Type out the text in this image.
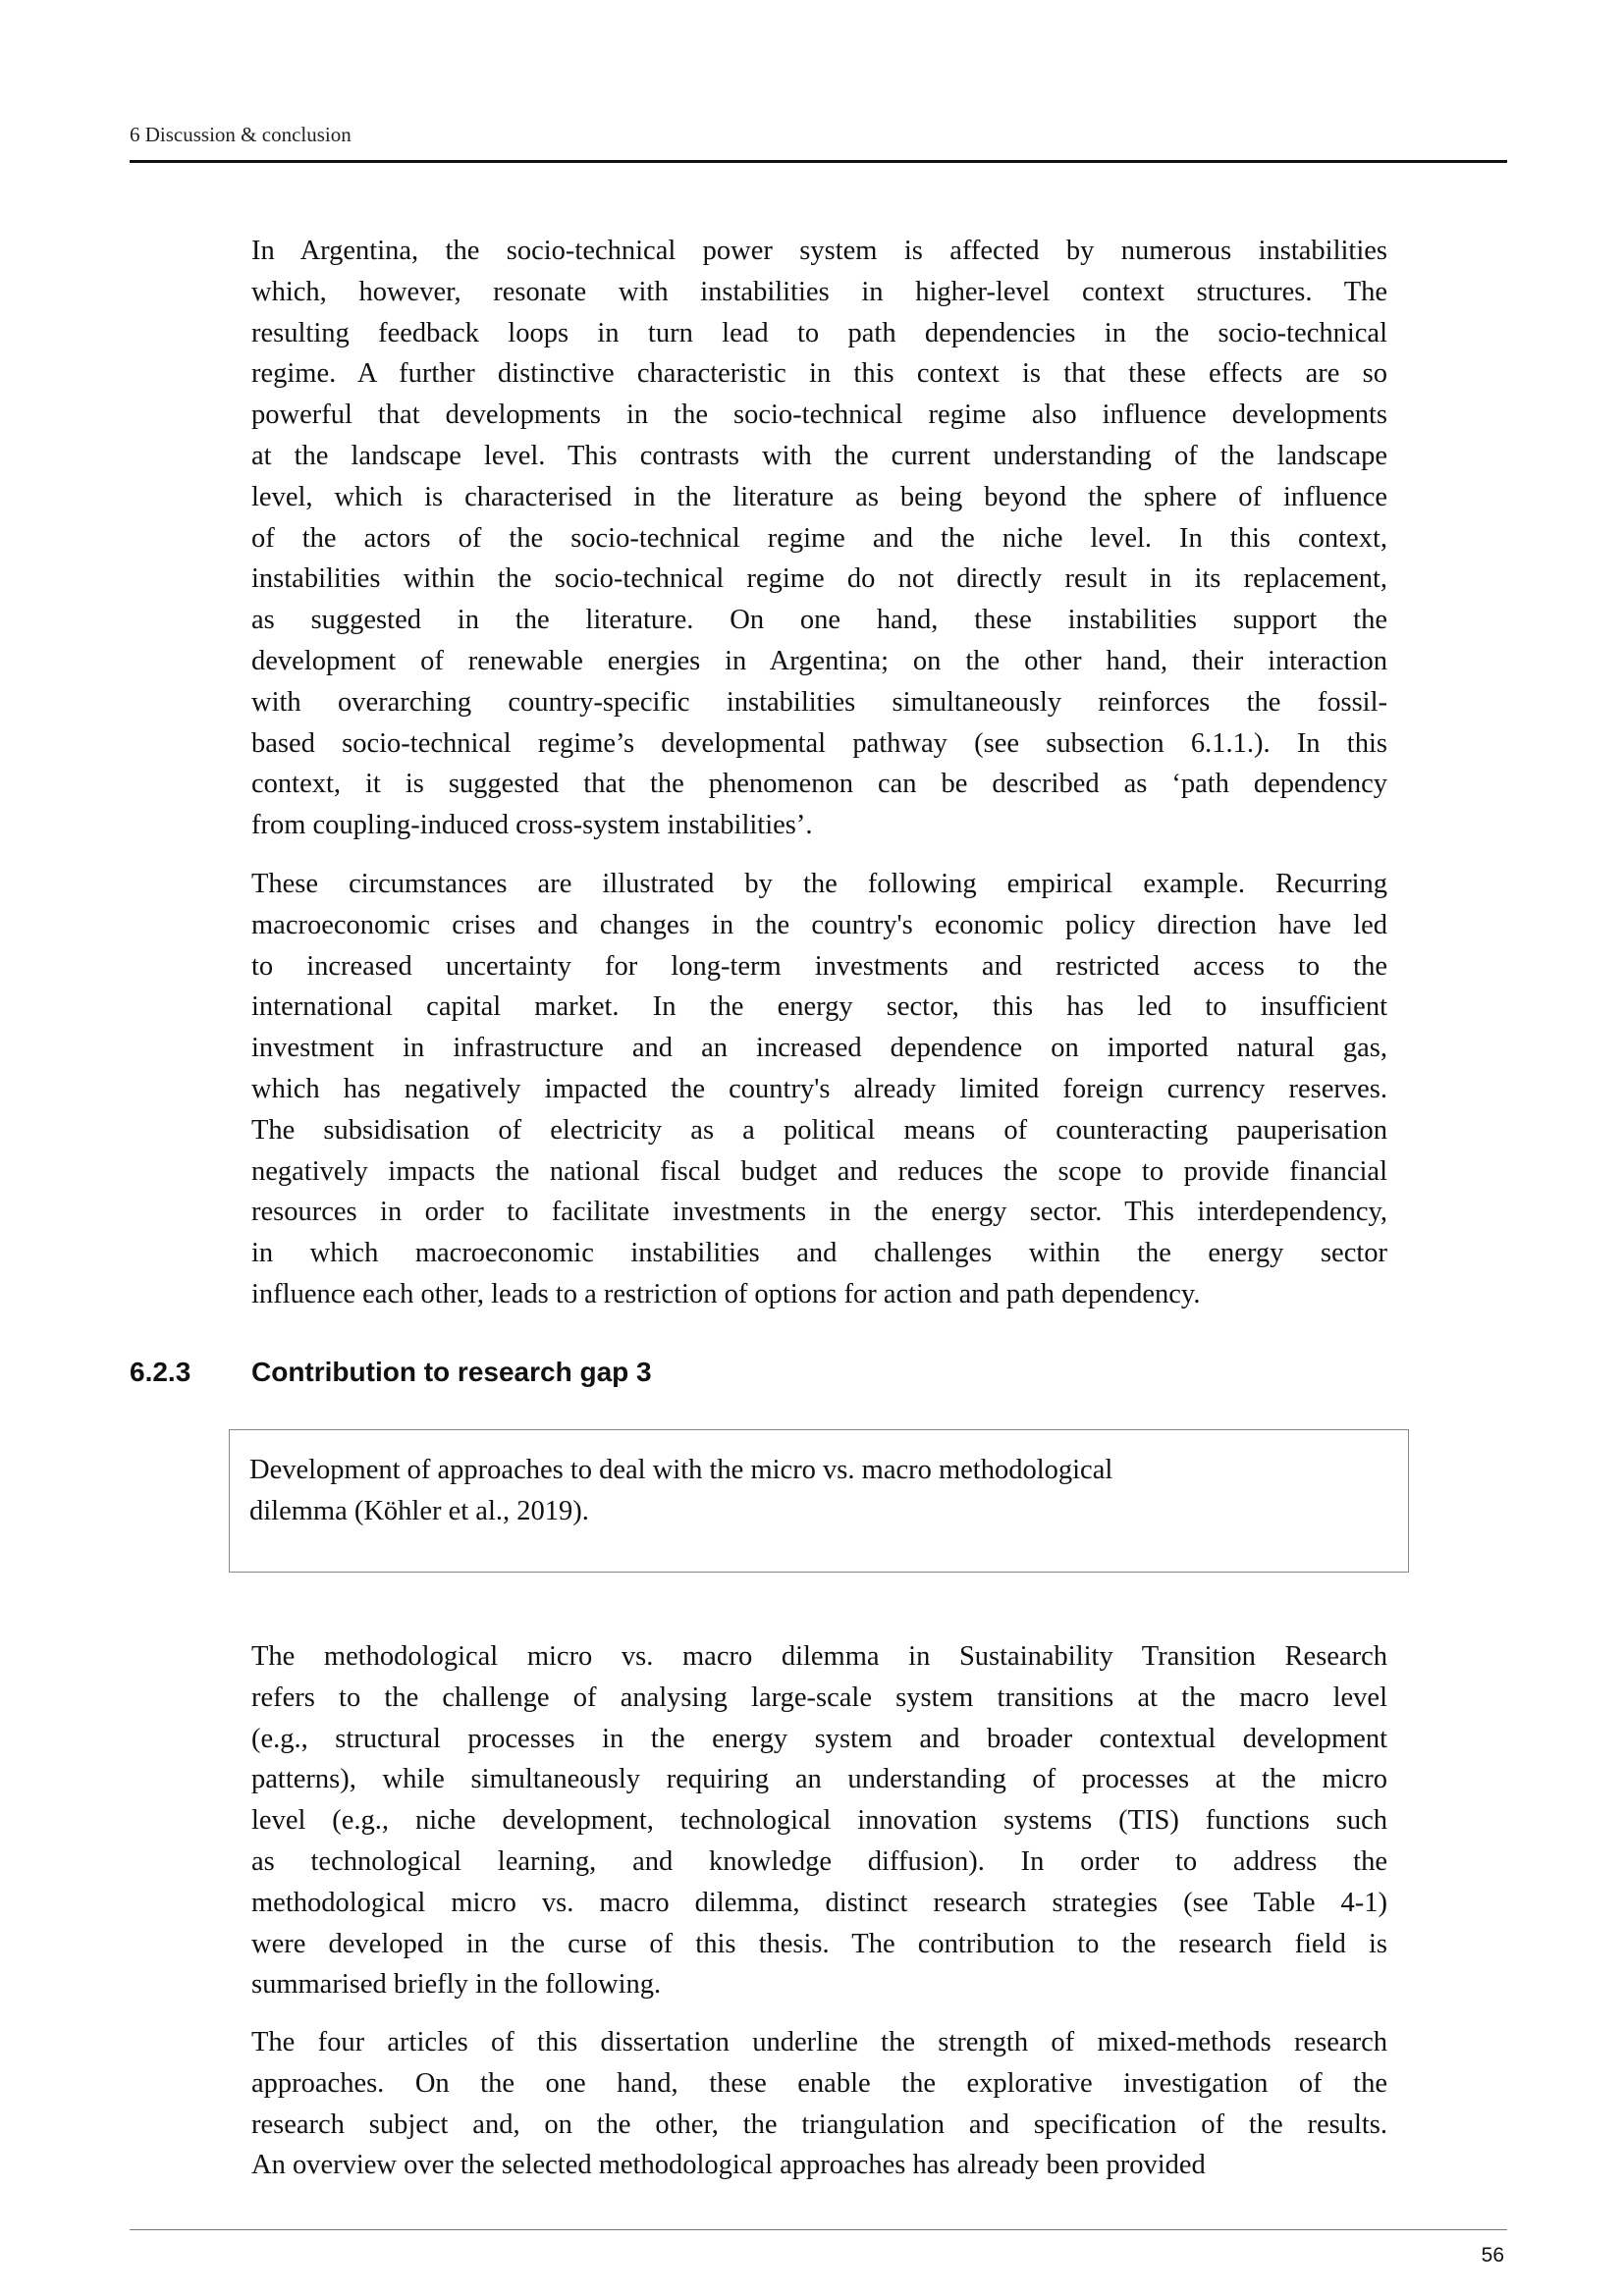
6 Discussion & conclusion
In Argentina, the socio-technical power system is affected by numerous instabilities
which, however, resonate with instabilities in higher-level context structures. The
resulting feedback loops in turn lead to path dependencies in the socio-technical
regime. A further distinctive characteristic in this context is that these effects are so
powerful that developments in the socio-technical regime also influence developments
at the landscape level. This contrasts with the current understanding of the landscape
level, which is characterised in the literature as being beyond the sphere of influence
of the actors of the socio-technical regime and the niche level. In this context,
instabilities within the socio-technical regime do not directly result in its replacement,
as suggested in the literature. On one hand, these instabilities support the
development of renewable energies in Argentina; on the other hand, their interaction
with overarching country-specific instabilities simultaneously reinforces the fossil-
based socio-technical regime’s developmental pathway (see subsection 6.1.1.). In this
context, it is suggested that the phenomenon can be described as ‘path dependency
from coupling-induced cross-system instabilities’.
These circumstances are illustrated by the following empirical example. Recurring
macroeconomic crises and changes in the country's economic policy direction have led
to increased uncertainty for long-term investments and restricted access to the
international capital market. In the energy sector, this has led to insufficient
investment in infrastructure and an increased dependence on imported natural gas,
which has negatively impacted the country's already limited foreign currency reserves.
The subsidisation of electricity as a political means of counteracting pauperisation
negatively impacts the national fiscal budget and reduces the scope to provide financial
resources in order to facilitate investments in the energy sector. This interdependency,
in which macroeconomic instabilities and challenges within the energy sector
influence each other, leads to a restriction of options for action and path dependency.
6.2.3 Contribution to research gap 3
Development of approaches to deal with the micro vs. macro methodological
dilemma (Köhler et al., 2019).
The methodological micro vs. macro dilemma in Sustainability Transition Research
refers to the challenge of analysing large-scale system transitions at the macro level
(e.g., structural processes in the energy system and broader contextual development
patterns), while simultaneously requiring an understanding of processes at the micro
level (e.g., niche development, technological innovation systems (TIS) functions such
as technological learning, and knowledge diffusion). In order to address the
methodological micro vs. macro dilemma, distinct research strategies (see Table 4-1)
were developed in the curse of this thesis. The contribution to the research field is
summarised briefly in the following.
The four articles of this dissertation underline the strength of mixed-methods research
approaches. On the one hand, these enable the explorative investigation of the
research subject and, on the other, the triangulation and specification of the results.
An overview over the selected methodological approaches has already been provided
56
